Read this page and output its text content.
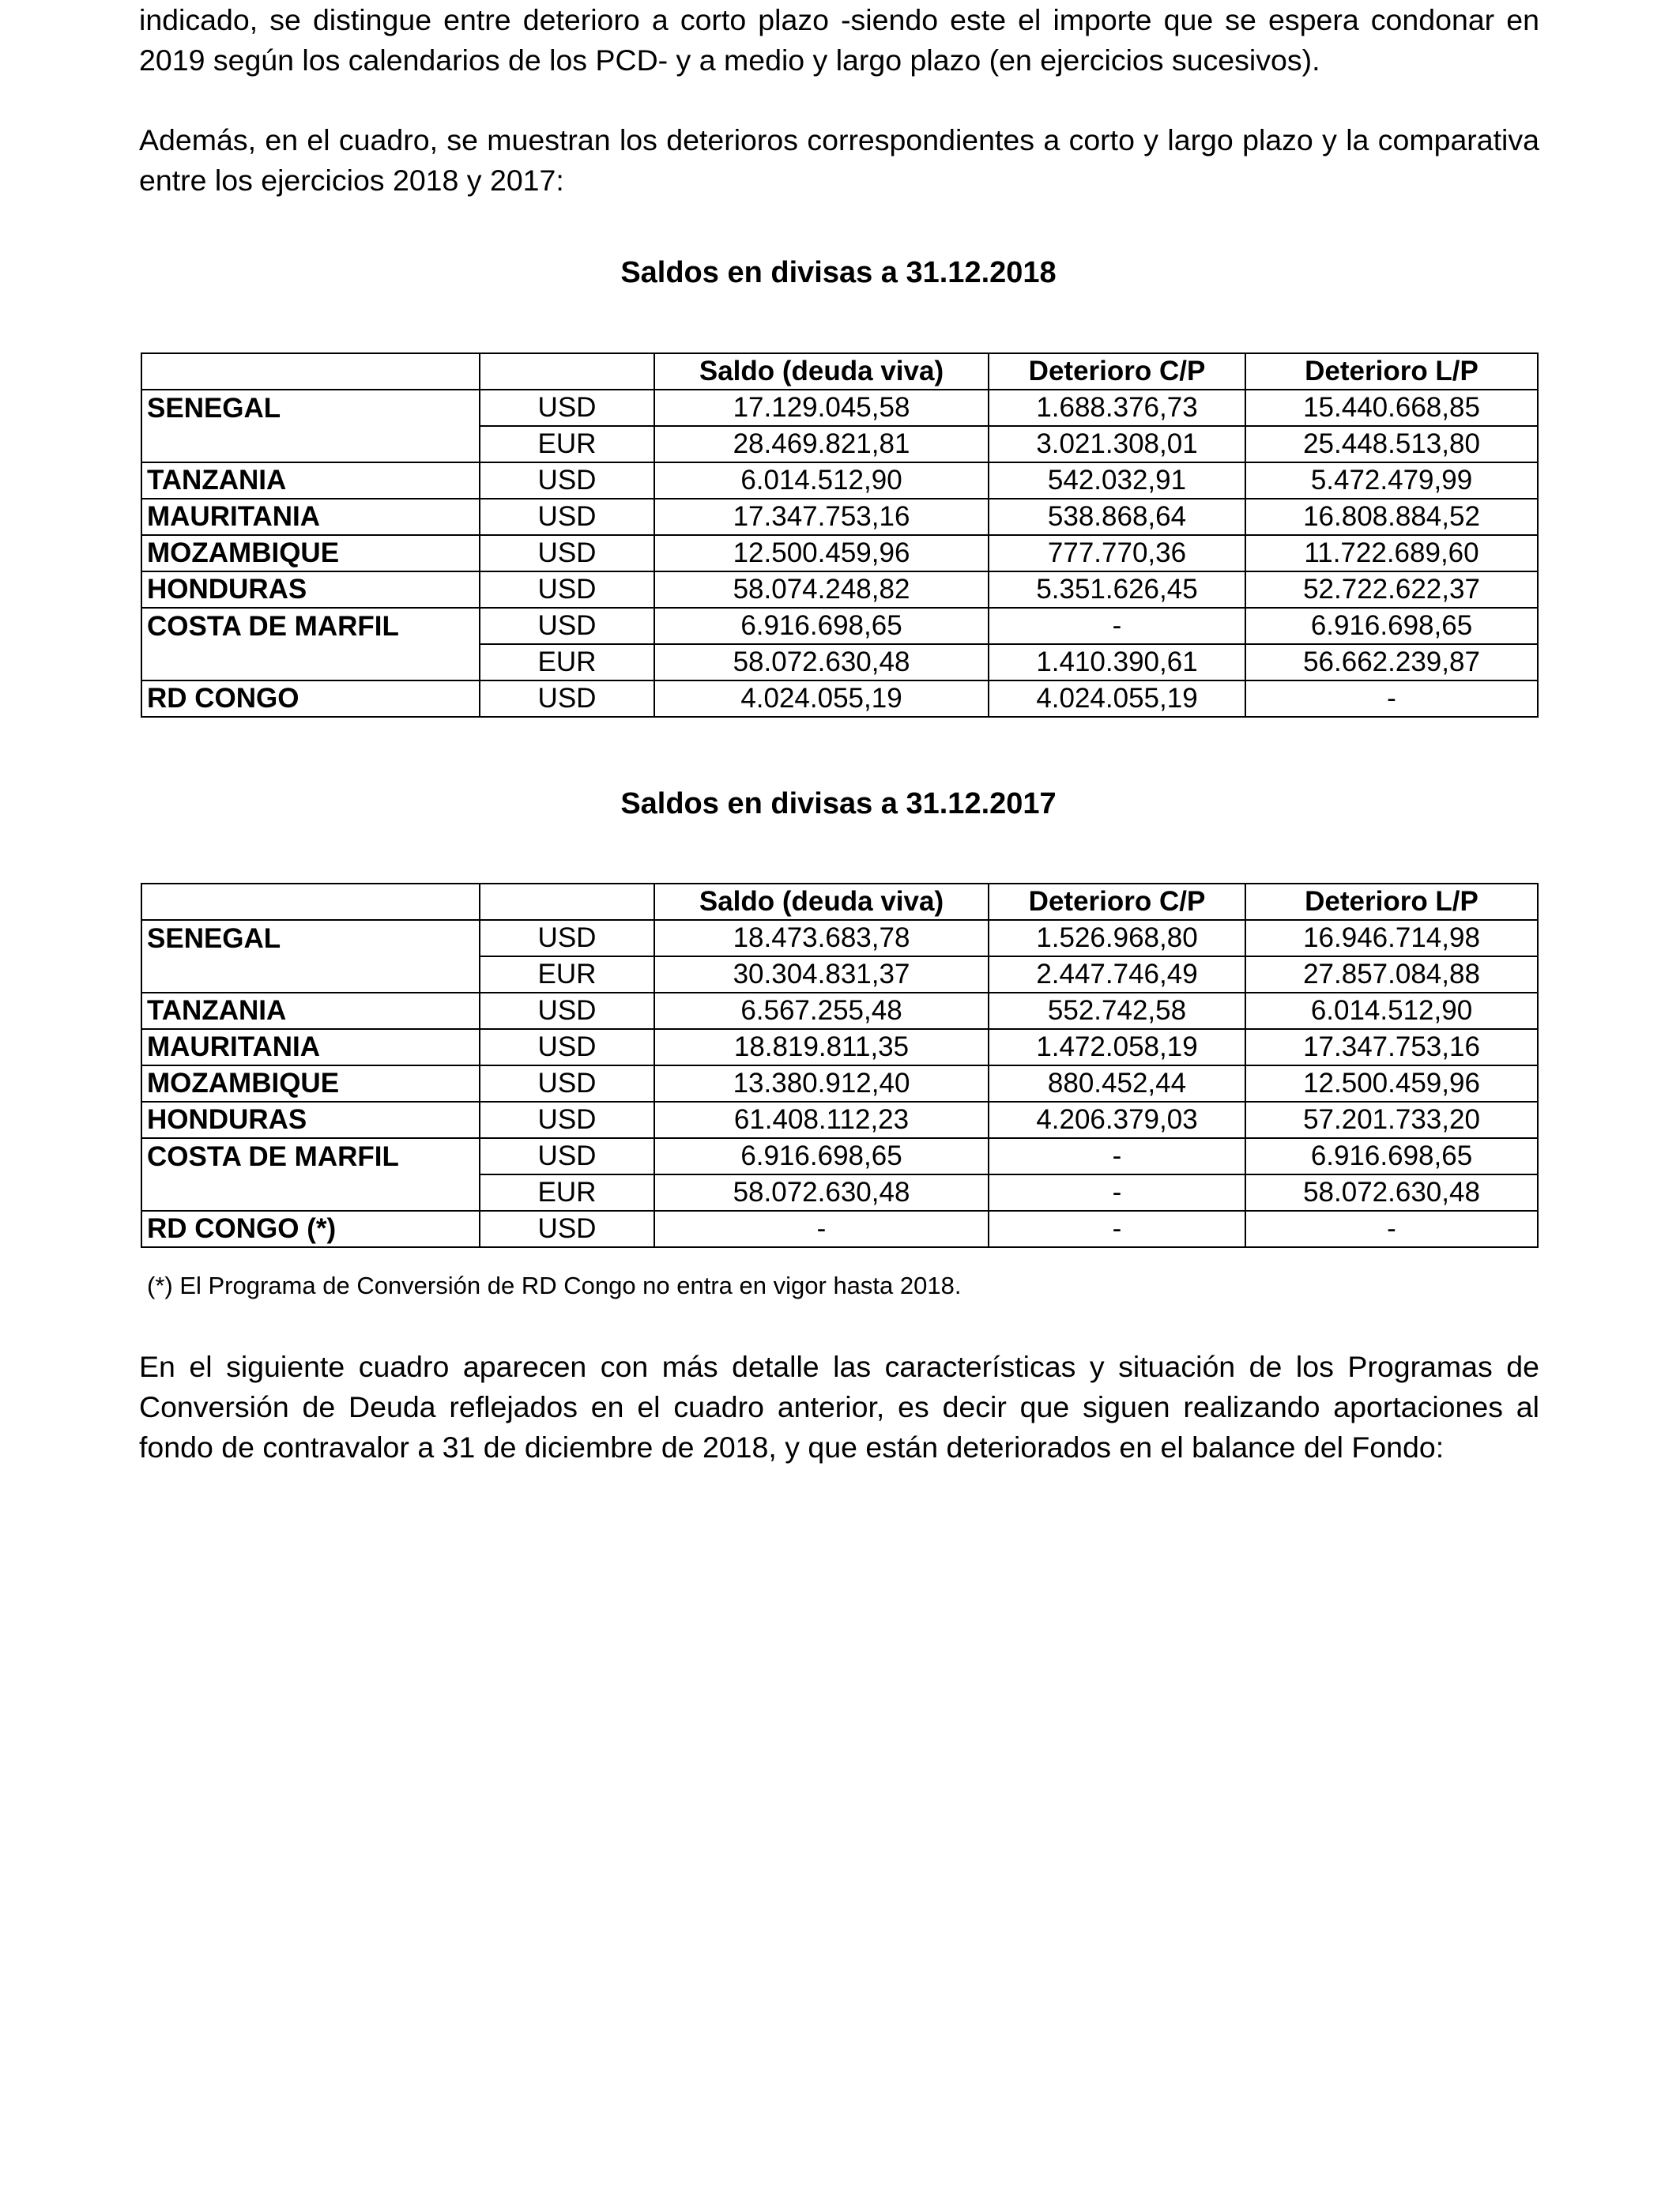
indicado, se distingue entre deterioro a corto plazo -siendo este el importe que se espera condonar en 2019 según los calendarios de los PCD- y a medio y largo plazo (en ejercicios sucesivos).

Además, en el cuadro, se muestran los deterioros correspondientes a corto y largo plazo y la comparativa entre los ejercicios 2018 y 2017:

Saldos en divisas a 31.12.2018

		Saldo (deuda viva)	Deterioro C/P	Deterioro L/P
SENEGAL	USD	17.129.045,58	1.688.376,73	15.440.668,85
	EUR	28.469.821,81	3.021.308,01	25.448.513,80
TANZANIA	USD	6.014.512,90	542.032,91	5.472.479,99
MAURITANIA	USD	17.347.753,16	538.868,64	16.808.884,52
MOZAMBIQUE	USD	12.500.459,96	777.770,36	11.722.689,60
HONDURAS	USD	58.074.248,82	5.351.626,45	52.722.622,37
COSTA DE MARFIL	USD	6.916.698,65	-	6.916.698,65
	EUR	58.072.630,48	1.410.390,61	56.662.239,87
RD CONGO	USD	4.024.055,19	4.024.055,19	-

Saldos en divisas a 31.12.2017

		Saldo (deuda viva)	Deterioro C/P	Deterioro L/P
SENEGAL	USD	18.473.683,78	1.526.968,80	16.946.714,98
	EUR	30.304.831,37	2.447.746,49	27.857.084,88
TANZANIA	USD	6.567.255,48	552.742,58	6.014.512,90
MAURITANIA	USD	18.819.811,35	1.472.058,19	17.347.753,16
MOZAMBIQUE	USD	13.380.912,40	880.452,44	12.500.459,96
HONDURAS	USD	61.408.112,23	4.206.379,03	57.201.733,20
COSTA DE MARFIL	USD	6.916.698,65	-	6.916.698,65
	EUR	58.072.630,48	-	58.072.630,48
RD CONGO (*)	USD	-	-	-

(*) El Programa de Conversión de RD Congo no entra en vigor hasta 2018.

En el siguiente cuadro aparecen con más detalle las características y situación de los Programas de Conversión de Deuda reflejados en el cuadro anterior, es decir que siguen realizando aportaciones al fondo de contravalor a 31 de diciembre de 2018, y que están deteriorados en el balance del Fondo:
